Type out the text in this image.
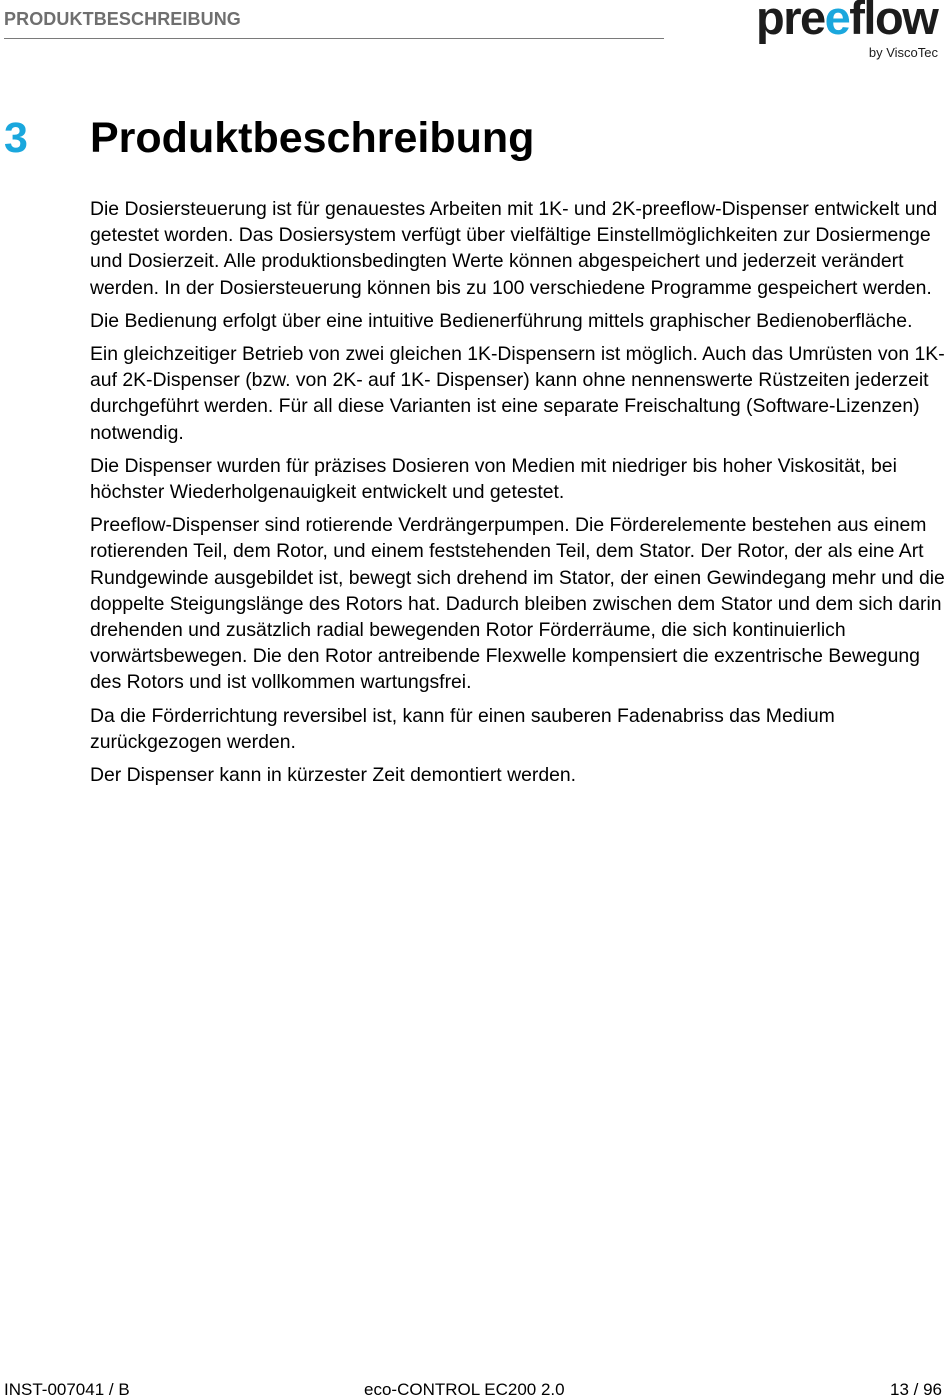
PRODUKTBESCHREIBUNG	preeflow
by ViscoTec
3 Produktbeschreibung

Die Dosiersteuerung ist für genauestes Arbeiten mit 1K- und 2K-preeflow-Dispenser entwickelt und getestet worden. Das Dosiersystem verfügt über vielfältige Einstellmöglichkeiten zur Dosiermenge und Dosierzeit. Alle produktionsbedingten Werte können abgespeichert und jederzeit verändert werden. In der Dosiersteuerung können bis zu 100 verschiedene Programme gespeichert werden.

Die Bedienung erfolgt über eine intuitive Bedienerführung mittels graphischer Bedienoberfläche.

Ein gleichzeitiger Betrieb von zwei gleichen 1K-Dispensern ist möglich. Auch das Umrüsten von 1K- auf 2K-Dispenser (bzw. von 2K- auf 1K- Dispenser) kann ohne nennenswerte Rüstzeiten jederzeit durchgeführt werden. Für all diese Varianten ist eine separate Freischaltung (Software-Lizenzen) notwendig.

Die Dispenser wurden für präzises Dosieren von Medien mit niedriger bis hoher Viskosität, bei höchster Wiederholgenauigkeit entwickelt und getestet.

Preeflow-Dispenser sind rotierende Verdrängerpumpen. Die Förderelemente bestehen aus einem rotierenden Teil, dem Rotor, und einem feststehenden Teil, dem Stator. Der Rotor, der als eine Art Rundgewinde ausgebildet ist, bewegt sich drehend im Stator, der einen Gewindegang mehr und die doppelte Steigungslänge des Rotors hat. Dadurch bleiben zwischen dem Stator und dem sich darin drehenden und zusätzlich radial bewegenden Rotor Förderräume, die sich kontinuierlich vorwärtsbewegen. Die den Rotor antreibende Flexwelle kompensiert die exzentrische Bewegung des Rotors und ist vollkommen wartungsfrei.

Da die Förderrichtung reversibel ist, kann für einen sauberen Fadenabriss das Medium zurückgezogen werden.

Der Dispenser kann in kürzester Zeit demontiert werden.

INST-007041 / B	eco-CONTROL EC200 2.0	13 / 96
